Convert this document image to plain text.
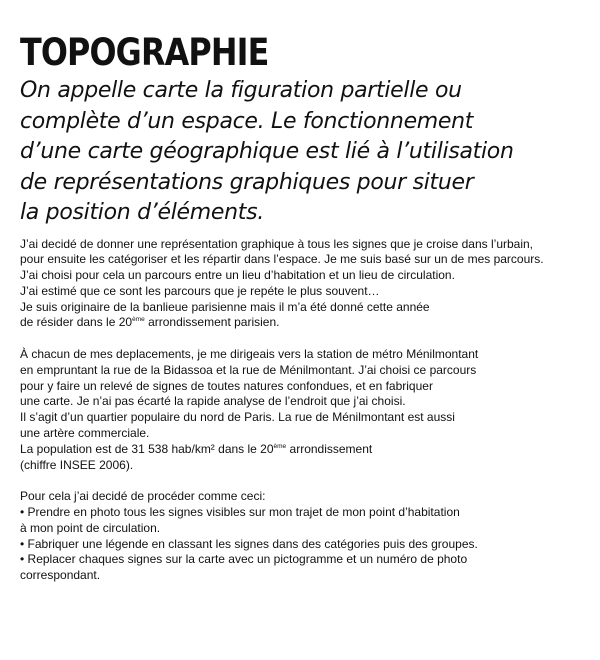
TOPOGRAPHIE
On appelle carte la figuration partielle ou
complète d’un espace. Le fonctionnement
d’une carte géographique est lié à l’utilisation
de représentations graphiques pour situer
la position d’éléments.
J’ai decidé de donner une représentation graphique à tous les signes que je croise dans l’urbain,
pour ensuite les catégoriser et les répartir dans l’espace. Je me suis basé sur un de mes parcours.
J’ai choisi pour cela un parcours entre un lieu d’habitation et un lieu de circulation.
J’ai estimé que ce sont les parcours que je repéte le plus souvent…
Je suis originaire de la banlieue parisienne mais il m’a été donné cette année
de résider dans le 20ème arrondissement parisien.
À chacun de mes deplacements, je me dirigeais vers la station de métro Ménilmontant
en empruntant la rue de la Bidassoa et la rue de Ménilmontant. J’ai choisi ce parcours
pour y faire un relevé de signes de toutes natures confondues, et en fabriquer
une carte. Je n’ai pas écarté la rapide analyse de l’endroit que j’ai choisi.
Il s’agit d’un quartier populaire du nord de Paris. La rue de Ménilmontant est aussi
une artère commerciale.
La population est de 31 538 hab/km² dans le 20ème arrondissement
(chiffre INSEE 2006).
Pour cela j’ai decidé de procéder comme ceci:
• Prendre en photo tous les signes visibles sur mon trajet de mon point d’habitation
à mon point de circulation.
• Fabriquer une légende en classant les signes dans des catégories puis des groupes.
• Replacer chaques signes sur la carte avec un pictogramme et un numéro de photo
correspondant.
